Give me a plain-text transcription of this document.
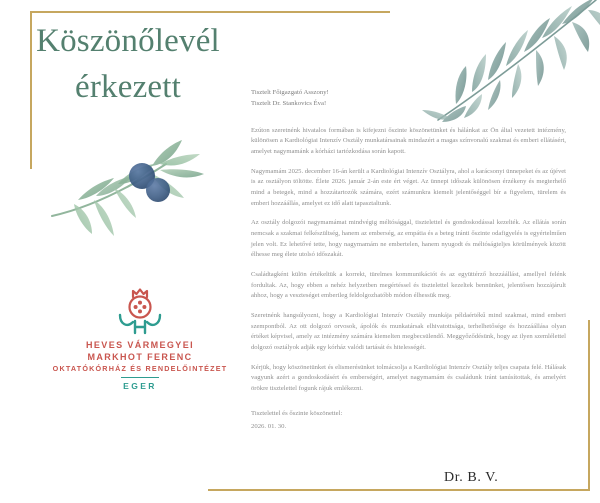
Köszönőlevél
érkezett
HEVES VÁRMEGYEI
MARKHOT FERENC
OKTATÓKÓRHÁZ ÉS RENDELŐINTÉZET
EGER
Tisztelt Főigazgató Asszony!
Tisztelt Dr. Stankovics Éva!

Ezúton szeretnénk hivatalos formában is kifejezni őszinte köszönetünket és hálánkat az Ön által vezetett intézmény, különösen a Kardiológiai Intenzív Osztály munkatársainak mindazért a magas színvonalú szakmai és emberi ellátásért, amelyet nagymamánk a kórházi tartózkodása során kapott.

Nagymamám 2025. december 16-án került a Kardiológiai Intenzív Osztályra, ahol a karácsonyi ünnepeket és az újévet is az osztályon töltötte. Élete 2026. január 2-án este ért véget. Az ünnepi időszak különösen érzékeny és megterhelő mind a betegek, mind a hozzátartozók számára, ezért számunkra kiemelt jelentőséggel bír a figyelem, türelem és emberi hozzáállás, amelyet ez idő alatt tapasztaltunk.

Az osztály dolgozói nagymamámat mindvégig méltósággal, tisztelettel és gondoskodással kezelték. Az ellátás során nemcsak a szakmai felkészültség, hanem az emberség, az empátia és a beteg iránti őszinte odafigyelés is egyértelműen jelen volt. Ez lehetővé tette, hogy nagymamám ne embertelen, hanem nyugodt és méltóságteljes körülmények között élhesse meg élete utolsó időszakát.

Családtagként külön értékeltük a korrekt, türelmes kommunikációt és az együttérző hozzáállást, amellyel felénk fordultak. Az, hogy ebben a nehéz helyzetben megértéssel és tisztelettel kezeltek bennünket, jelentősen hozzájárult ahhoz, hogy a veszteséget emberileg feldolgozhatóbb módon élhessük meg.

Szeretnénk hangsúlyozni, hogy a Kardiológiai Intenzív Osztály munkája példaértékű mind szakmai, mind emberi szempontból. Az ott dolgozó orvosok, ápolók és munkatársak elhivatottsága, terhelhetősége és hozzáállása olyan értéket képvisel, amely az intézmény számára kiemelten megbecsülendő. Meggyőződésünk, hogy az ilyen szemlélettel dolgozó osztályok adják egy kórház valódi tartását és hitelességét.

Kérjük, hogy köszönetünket és elismerésünket tolmácsolja a Kardiológiai Intenzív Osztály teljes csapata felé. Hálásak vagyunk azért a gondoskodásért és emberségért, amelyet nagymamám és családunk iránt tanúsítottak, és amelyért örökre tisztelettel fogunk rájuk emlékezni.

Tisztelettel és őszinte köszönettel:
2026. 01. 30.
Dr. B. V.
